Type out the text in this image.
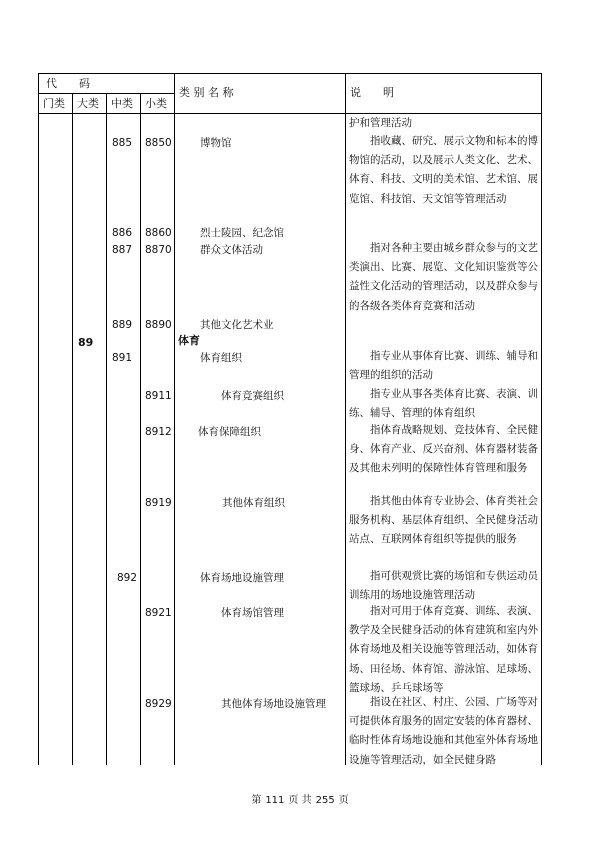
代　　码
门类 大类 中类 小类
类 别 名 称	说　　明
护和管理活动
885 8850	博物馆	　　指收藏、研究、展示文物和标本的博物馆的活动，以及展示人类文化、艺术、体育、科技、文明的美术馆、艺术馆、展览馆、科技馆、天文馆等管理活动
886 8860	烈士陵园、纪念馆
887 8870	群众文体活动	　　指对各种主要由城乡群众参与的文艺类演出、比赛、展览、文化知识鉴赏等公益性文化活动的管理活动，以及群众参与的各级各类体育竞赛和活动
889 8890	其他文化艺术业
89	体育
891	体育组织	　　指专业从事体育比赛、训练、辅导和管理的组织的活动
8911	体育竞赛组织	　　指专业从事各类体育比赛、表演、训练、辅导、管理的体育组织
8912	体育保障组织	　　指体育战略规划、竞技体育、全民健身、体育产业、反兴奋剂、体育器材装备及其他未列明的保障性体育管理和服务
8919	其他体育组织	　　指其他由体育专业协会、体育类社会服务机构、基层体育组织、全民健身活动站点、互联网体育组织等提供的服务
892	体育场地设施管理	　　指可供观赏比赛的场馆和专供运动员训练用的场地设施管理活动
8921	体育场馆管理	　　指对可用于体育竞赛、训练、表演、教学及全民健身活动的体育建筑和室内外体育场地及相关设施等管理活动，如体育场、田径场、体育馆、游泳馆、足球场、篮球场、乒乓球场等
8929	其他体育场地设施管理 　　指设在社区、村庄、公园、广场等对可提供体育服务的固定安装的体育器材、临时性体育场地设施和其他室外体育场地设施等管理活动，如全民健身路
第 111 页 共 255 页
